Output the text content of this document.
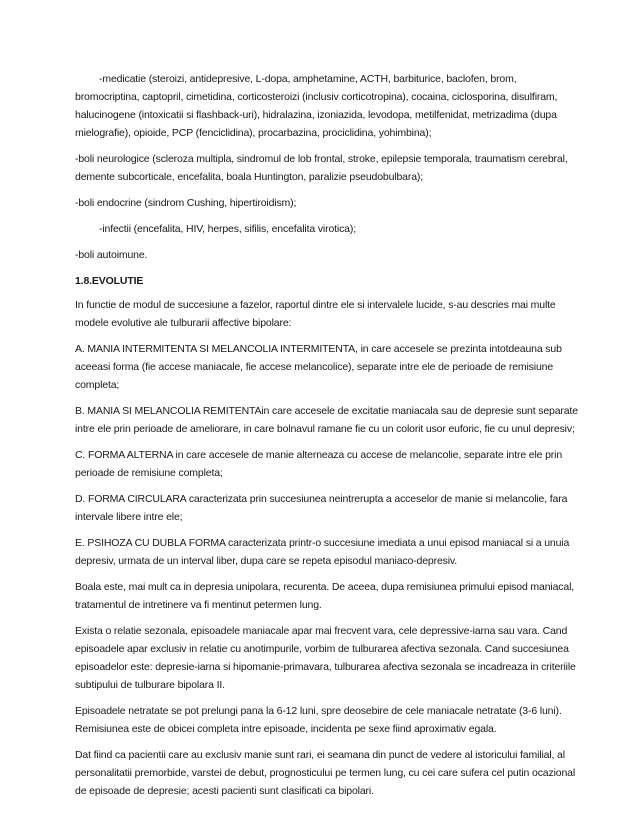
-medicatie (steroizi, antidepresive, L-dopa, amphetamine, ACTH, barbiturice, baclofen, brom, bromocriptina, captopril, cimetidina, corticosteroizi (inclusiv corticotropina), cocaina, ciclosporina, disulfiram, halucinogene (intoxicatii si flashback-uri), hidralazina, izoniazida, levodopa, metilfenidat, metrizadima (dupa mielografie), opioide, PCP (fenciclidina), procarbazina, prociclidina, yohimbina);

-boli neurologice (scleroza multipla, sindromul de lob frontal, stroke, epilepsie temporala, traumatism cerebral, demente subcorticale, encefalita, boala Huntington, paralizie pseudobulbara);

-boli endocrine (sindrom Cushing, hipertiroidism);

-infectii (encefalita, HIV, herpes, sifilis, encefalita virotica);

-boli autoimune.

1.8.EVOLUTIE

In functie de modul de succesiune a fazelor, raportul dintre ele si intervalele lucide, s-au descries mai multe modele evolutive ale tulburarii affective bipolare:

A. MANIA INTERMITENTA SI MELANCOLIA INTERMITENTA, in care accesele se prezinta intotdeauna sub aceeasi forma (fie accese maniacale, fie accese melancolice), separate intre ele de perioade de remisiune completa;

B. MANIA SI MELANCOLIA REMITENTAin care accesele de excitatie maniacala sau de depresie sunt separate intre ele prin perioade de ameliorare, in care bolnavul ramane fie cu un colorit usor euforic, fie cu unul depresiv;

C. FORMA ALTERNA in care accesele de manie alterneaza cu accese de melancolie, separate intre ele prin perioade de remisiune completa;

D. FORMA CIRCULARA caracterizata prin succesiunea neintrerupta a acceselor de manie si melancolie, fara intervale libere intre ele;

E. PSIHOZA CU DUBLA FORMA caracterizata printr-o succesiune imediata a unui episod maniacal si a unuia depresiv, urmata de un interval liber, dupa care se repeta episodul maniaco-depresiv.

Boala este, mai mult ca in depresia unipolara, recurenta. De aceea, dupa remisiunea primului episod maniacal, tratamentul de intretinere va fi mentinut petermen lung.

Exista o relatie sezonala, episoadele maniacale apar mai frecvent vara, cele depressive-iarna sau vara. Cand episoadele apar exclusiv in relatie cu anotimpurile, vorbim de tulburarea afectiva sezonala. Cand succesiunea episoadelor este: depresie-iarna si hipomanie-primavara, tulburarea afectiva sezonala se incadreaza in criteriile subtipului de tulburare bipolara II.

Episoadele netratate se pot prelungi pana la 6-12 luni, spre deosebire de cele maniacale netratate (3-6 luni). Remisiunea este de obicei completa intre episoade, incidenta pe sexe fiind aproximativ egala.

Dat fiind ca pacientii care au exclusiv manie sunt rari, ei seamana din punct de vedere al istoricului familial, al personalitatii premorbide, varstei de debut, prognosticului pe termen lung, cu cei care sufera cel putin ocazional de episoade de depresie; acesti pacienti sunt clasificati ca bipolari.
